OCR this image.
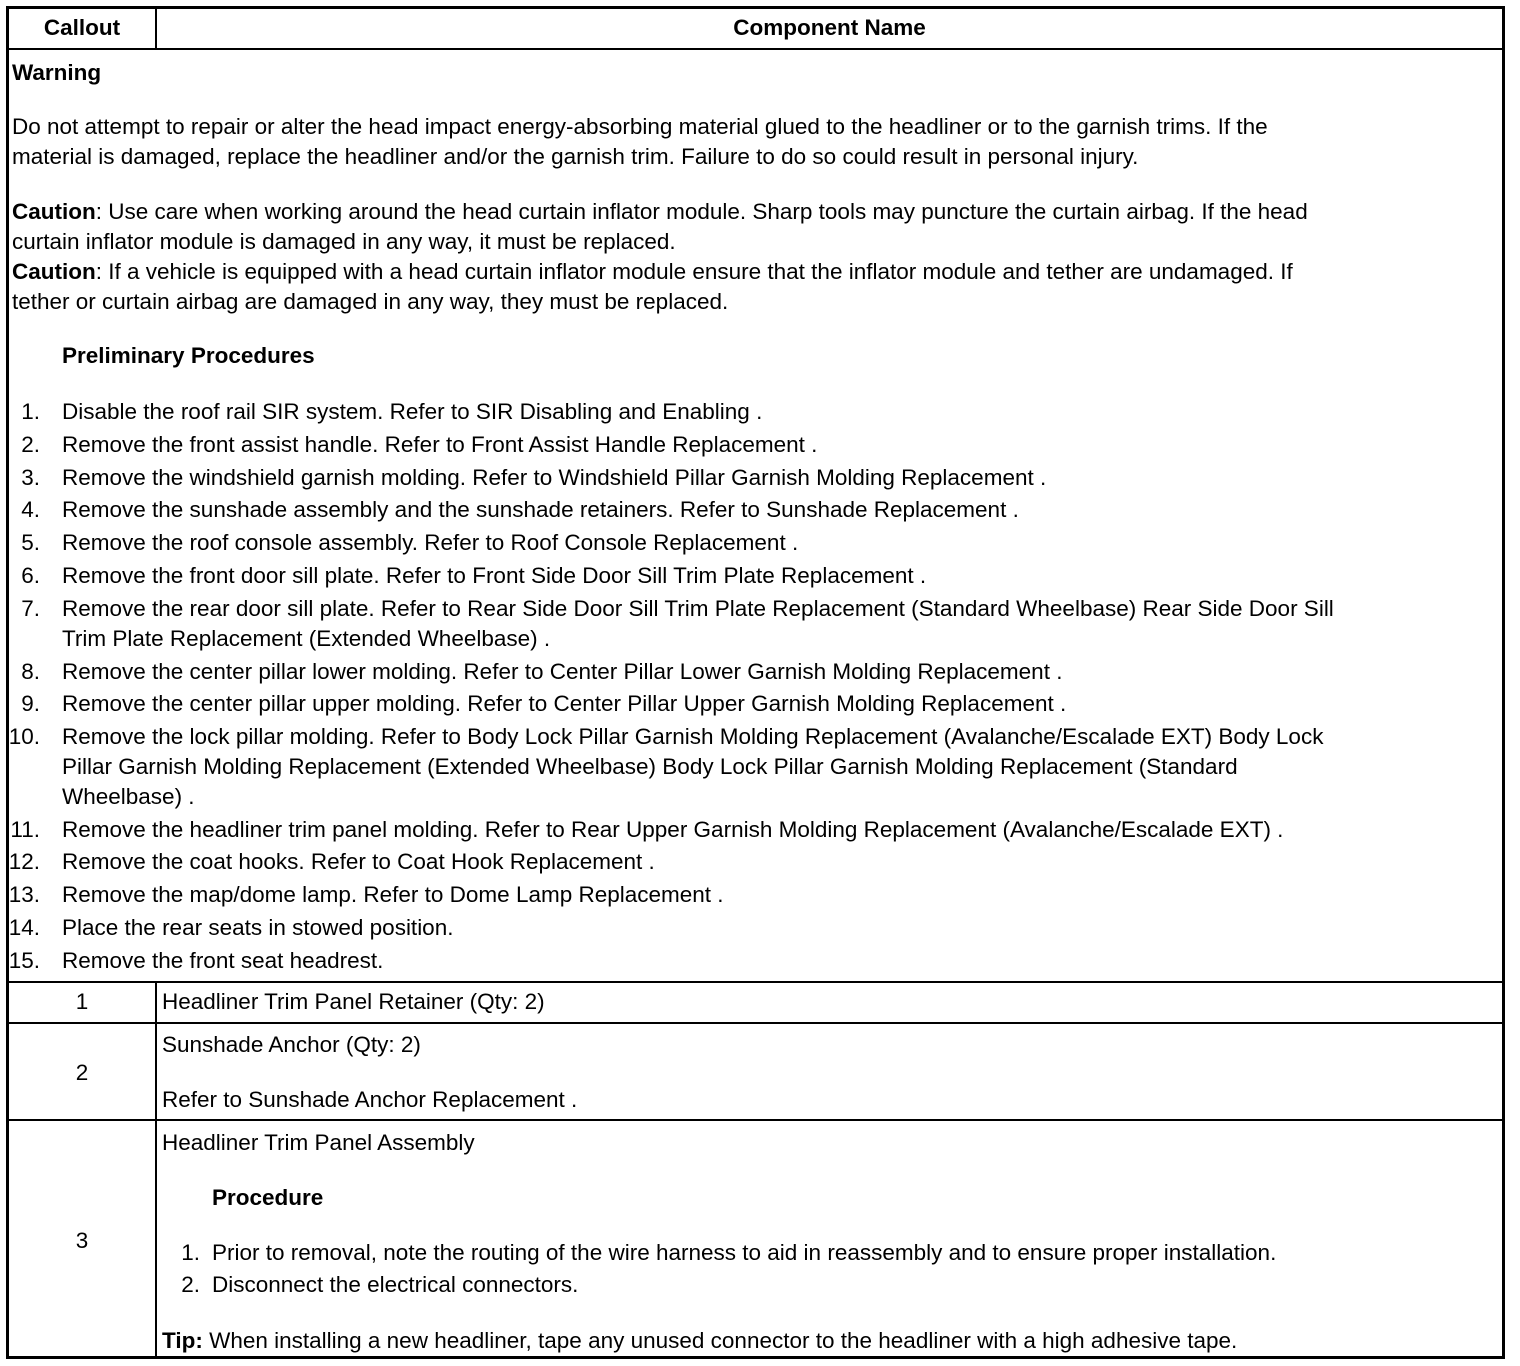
Callout	Component Name
Warning
Do not attempt to repair or alter the head impact energy-absorbing material glued to the headliner or to the garnish trims. If the
material is damaged, replace the headliner and/or the garnish trim. Failure to do so could result in personal injury.
Caution: Use care when working around the head curtain inflator module. Sharp tools may puncture the curtain airbag. If the head
curtain inflator module is damaged in any way, it must be replaced.
Caution: If a vehicle is equipped with a head curtain inflator module ensure that the inflator module and tether are undamaged. If
tether or curtain airbag are damaged in any way, they must be replaced.
Preliminary Procedures
1. Disable the roof rail SIR system. Refer to SIR Disabling and Enabling .
2. Remove the front assist handle. Refer to Front Assist Handle Replacement .
3. Remove the windshield garnish molding. Refer to Windshield Pillar Garnish Molding Replacement .
4. Remove the sunshade assembly and the sunshade retainers. Refer to Sunshade Replacement .
5. Remove the roof console assembly. Refer to Roof Console Replacement .
6. Remove the front door sill plate. Refer to Front Side Door Sill Trim Plate Replacement .
7. Remove the rear door sill plate. Refer to Rear Side Door Sill Trim Plate Replacement (Standard Wheelbase) Rear Side Door Sill
Trim Plate Replacement (Extended Wheelbase) .
8. Remove the center pillar lower molding. Refer to Center Pillar Lower Garnish Molding Replacement .
9. Remove the center pillar upper molding. Refer to Center Pillar Upper Garnish Molding Replacement .
10. Remove the lock pillar molding. Refer to Body Lock Pillar Garnish Molding Replacement (Avalanche/Escalade EXT) Body Lock
Pillar Garnish Molding Replacement (Extended Wheelbase) Body Lock Pillar Garnish Molding Replacement (Standard
Wheelbase) .
11. Remove the headliner trim panel molding. Refer to Rear Upper Garnish Molding Replacement (Avalanche/Escalade EXT) .
12. Remove the coat hooks. Refer to Coat Hook Replacement .
13. Remove the map/dome lamp. Refer to Dome Lamp Replacement .
14. Place the rear seats in stowed position.
15. Remove the front seat headrest.
1	Headliner Trim Panel Retainer (Qty: 2)
2
Sunshade Anchor (Qty: 2)
Refer to Sunshade Anchor Replacement .
3
Headliner Trim Panel Assembly
Procedure
1. Prior to removal, note the routing of the wire harness to aid in reassembly and to ensure proper installation.
2. Disconnect the electrical connectors.
Tip: When installing a new headliner, tape any unused connector to the headliner with a high adhesive tape.
